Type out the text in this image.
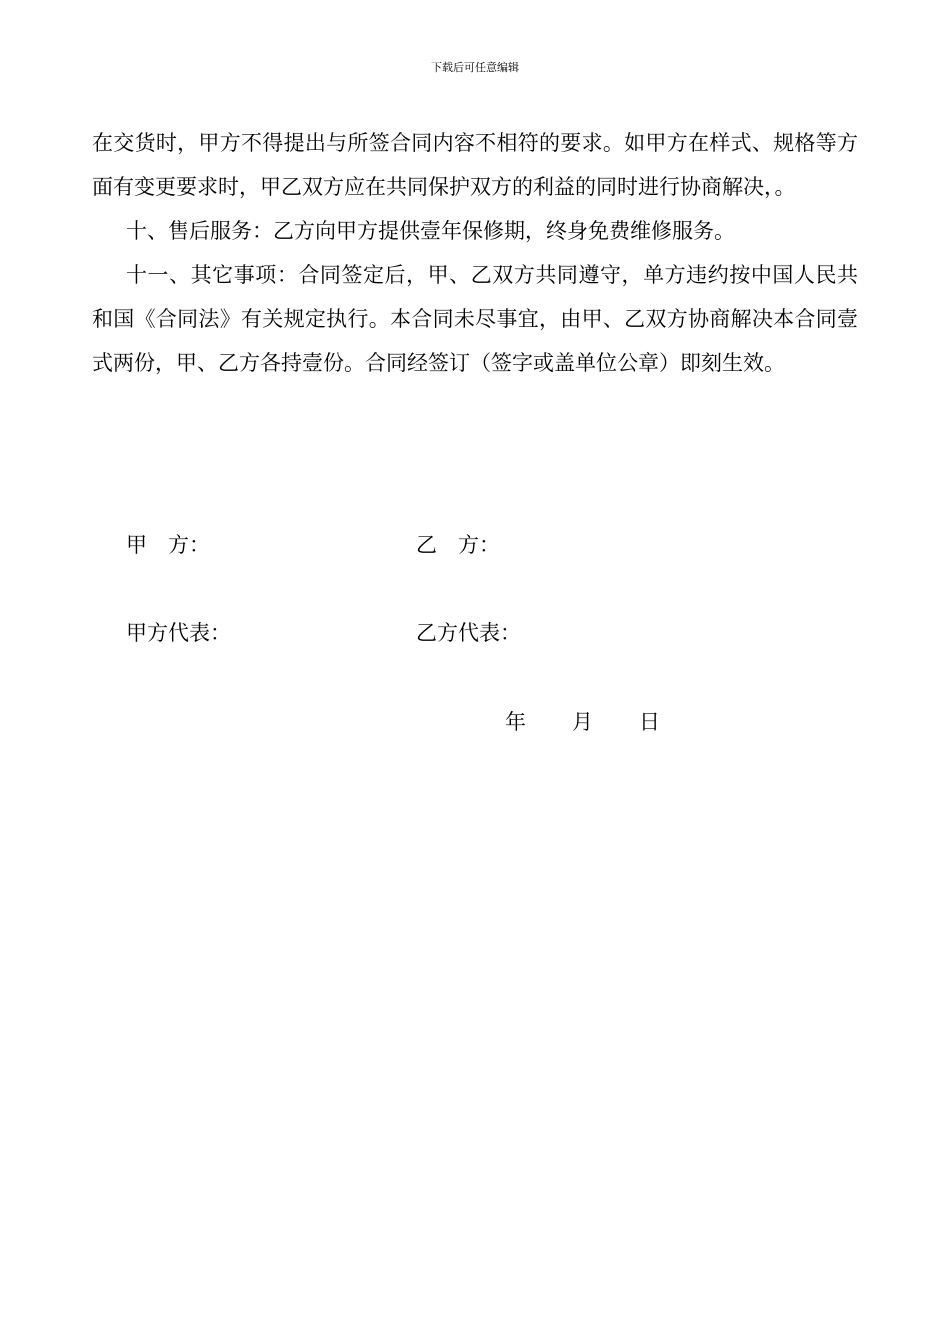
下载后可任意编辑

在交货时，甲方不得提出与所签合同内容不相符的要求。如甲方在样式、规格等方面有变更要求时，甲乙双方应在共同保护双方的利益的同时进行协商解决，。

十、售后服务：乙方向甲方提供壹年保修期，终身免费维修服务。

十一、其它事项：合同签定后，甲、乙双方共同遵守，单方违约按中国人民共和国《合同法》有关规定执行。本合同未尽事宜，由甲、乙双方协商解决本合同壹式两份，甲、乙方各持壹份。合同经签订（签字或盖单位公章）即刻生效。

甲　方：	乙　方：
甲方代表：	乙方代表：
年 月 日
